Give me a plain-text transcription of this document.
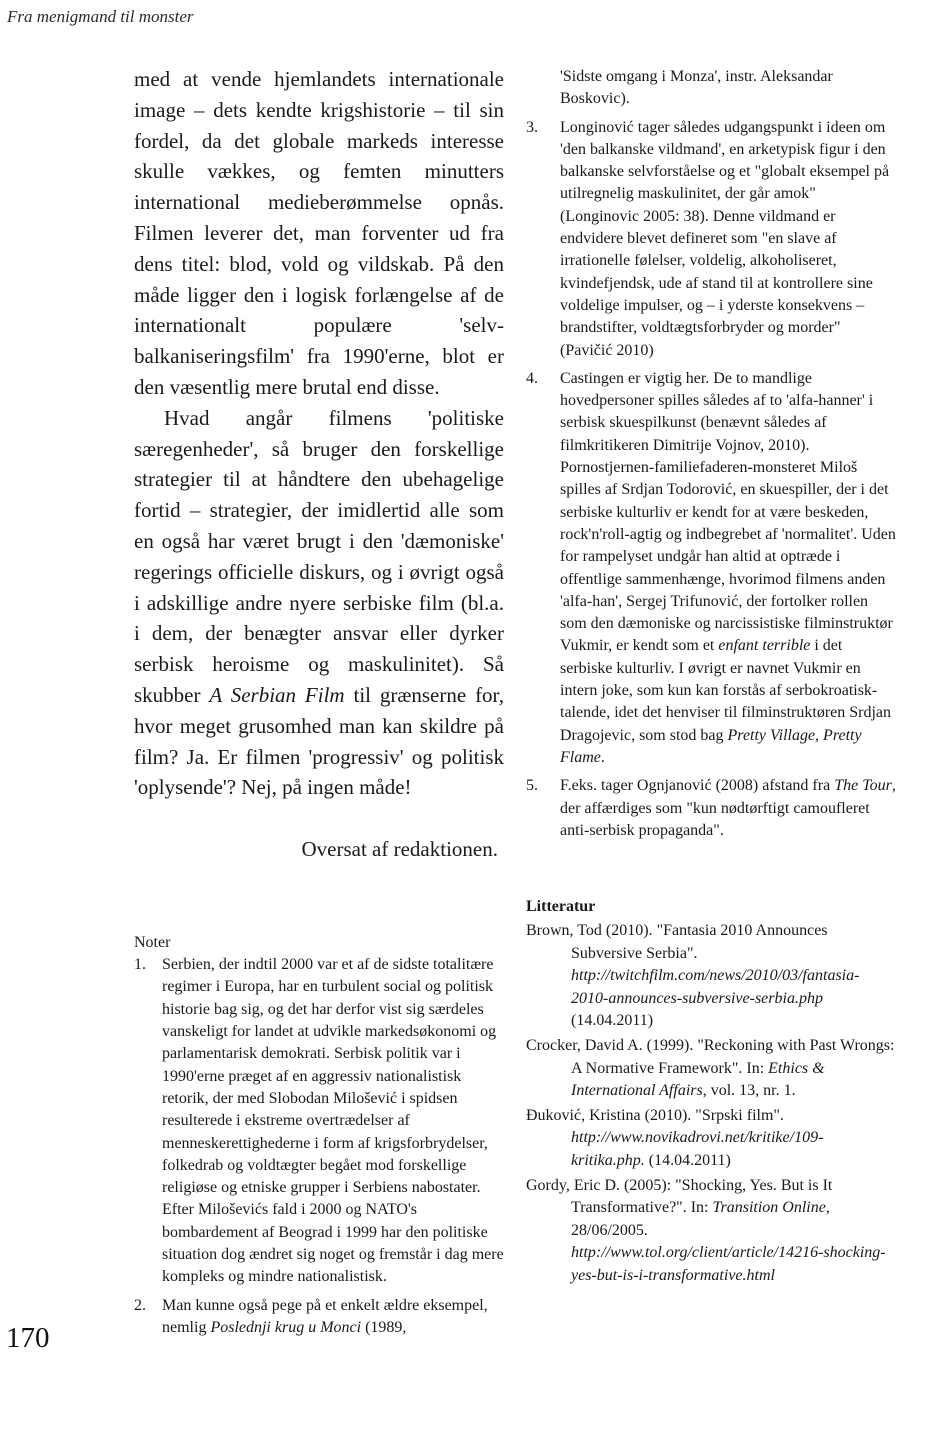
Fra menigmand til monster
170

med at vende hjemlandets internationale image – dets kendte krigshistorie – til sin fordel, da det globale markeds interesse skulle vækkes, og femten minutters international medieberømmelse opnås. Filmen leverer det, man forventer ud fra dens titel: blod, vold og vildskab. På den måde ligger den i logisk forlængelse af de internationalt populære 'selv-balkaniseringsfilm' fra 1990'erne, blot er den væsentlig mere brutal end disse.

Hvad angår filmens 'politiske særegenheder', så bruger den forskellige strategier til at håndtere den ubehagelige fortid – strategier, der imidlertid alle som en også har været brugt i den 'dæmoniske' regerings officielle diskurs, og i øvrigt også i adskillige andre nyere serbiske film (bl.a. i dem, der benægter ansvar eller dyrker serbisk heroisme og maskulinitet). Så skubber A Serbian Film til grænserne for, hvor meget grusomhed man kan skildre på film? Ja. Er filmen 'progressiv' og politisk 'oplysende'? Nej, på ingen måde!

Oversat af redaktionen.
Noter
1. Serbien, der indtil 2000 var et af de sidste totalitære regimer i Europa, har en turbulent social og politisk historie bag sig, og det har derfor vist sig særdeles vanskeligt for landet at udvikle markedsøkonomi og parlamentarisk demokrati. Serbisk politik var i 1990'erne præget af en aggressiv nationalistisk retorik, der med Slobodan Milošević i spidsen resulterede i ekstreme overtrædelser af menneskerettighederne i form af krigsforbrydelser, folkedrab og voldtægter begået mod forskellige religiøse og etniske grupper i Serbiens nabostater. Efter Miloševićs fald i 2000 og NATO's bombardement af Beograd i 1999 har den politiske situation dog ændret sig noget og fremstår i dag mere kompleks og mindre nationalistisk.
2. Man kunne også pege på et enkelt ældre eksempel, nemlig Poslednji krug u Monci (1989,
'Sidste omgang i Monza', instr. Aleksandar Boskovic).
3. Longinović tager således udgangspunkt i ideen om 'den balkanske vildmand', en arketypisk figur i den balkanske selvforståelse og et "globalt eksempel på utilregnelig maskulinitet, der går amok" (Longinovic 2005: 38). Denne vildmand er endvidere blevet defineret som "en slave af irrationelle følelser, voldelig, alkoholiseret, kvindefjendsk, ude af stand til at kontrollere sine voldelige impulser, og – i yderste konsekvens – brandstifter, voldtægtsforbryder og morder" (Pavičić 2010)
4. Castingen er vigtig her. De to mandlige hovedpersoner spilles således af to 'alfa-hanner' i serbisk skuespilkunst (benævnt således af filmkritikeren Dimitrije Vojnov, 2010). Pornostjernen-familiefaderen-monsteret Miloš spilles af Srdjan Todorović, en skuespiller, der i det serbiske kulturliv er kendt for at være beskeden, rock'n'roll-agtig og indbegrebet af 'normalitet'. Uden for rampelyset undgår han altid at optræde i offentlige sammenhænge, hvorimod filmens anden 'alfa-han', Sergej Trifunović, der fortolker rollen som den dæmoniske og narcissistiske filminstruktør Vukmir, er kendt som et enfant terrible i det serbiske kulturliv. I øvrigt er navnet Vukmir en intern joke, som kun kan forstås af serbokroatisk-talende, idet det henviser til filminstruktøren Srdjan Dragojevic, som stod bag Pretty Village, Pretty Flame.
5. F.eks. tager Ognjanović (2008) afstand fra The Tour, der affærdiges som "kun nødtørftigt camoufleret anti-serbisk propaganda".
Litteratur
Brown, Tod (2010). "Fantasia 2010 Announces Subversive Serbia". http://twitchfilm.com/news/2010/03/fantasia-2010-announces-subversive-serbia.php (14.04.2011)
Crocker, David A. (1999). "Reckoning with Past Wrongs: A Normative Framework". In: Ethics & International Affairs, vol. 13, nr. 1.
Đuković, Kristina (2010). "Srpski film". http://www.novikadrovi.net/kritike/109-kritika.php. (14.04.2011)
Gordy, Eric D. (2005): "Shocking, Yes. But is It Transformative?". In: Transition Online, 28/06/2005. http://www.tol.org/client/article/14216-shocking-yes-but-is-i-transformative.html
